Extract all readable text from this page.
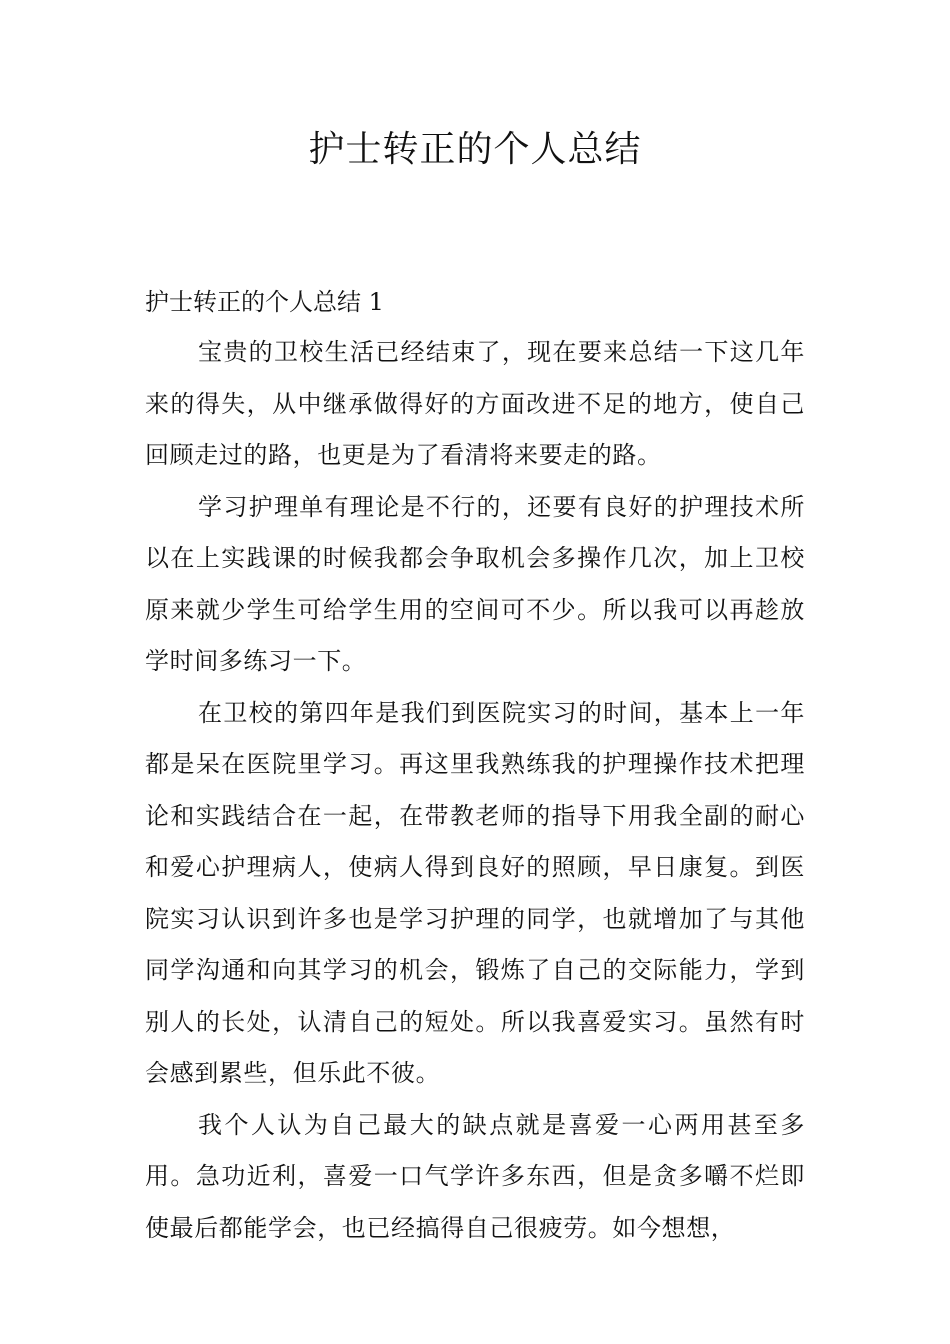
护士转正的个人总结
护士转正的个人总结 1

宝贵的卫校生活已经结束了，现在要来总结一下这几年来的得失，从中继承做得好的方面改进不足的地方，使自己回顾走过的路，也更是为了看清将来要走的路。

学习护理单有理论是不行的，还要有良好的护理技术所以在上实践课的时候我都会争取机会多操作几次，加上卫校原来就少学生可给学生用的空间可不少。所以我可以再趁放学时间多练习一下。

在卫校的第四年是我们到医院实习的时间，基本上一年都是呆在医院里学习。再这里我熟练我的护理操作技术把理论和实践结合在一起，在带教老师的指导下用我全副的耐心和爱心护理病人，使病人得到良好的照顾，早日康复。到医院实习认识到许多也是学习护理的同学，也就增加了与其他同学沟通和向其学习的机会，锻炼了自己的交际能力，学到别人的长处，认清自己的短处。所以我喜爱实习。虽然有时会感到累些，但乐此不彼。

我个人认为自己最大的缺点就是喜爱一心两用甚至多用。急功近利，喜爱一口气学许多东西，但是贪多嚼不烂即使最后都能学会，也已经搞得自己很疲劳。如今想想，
